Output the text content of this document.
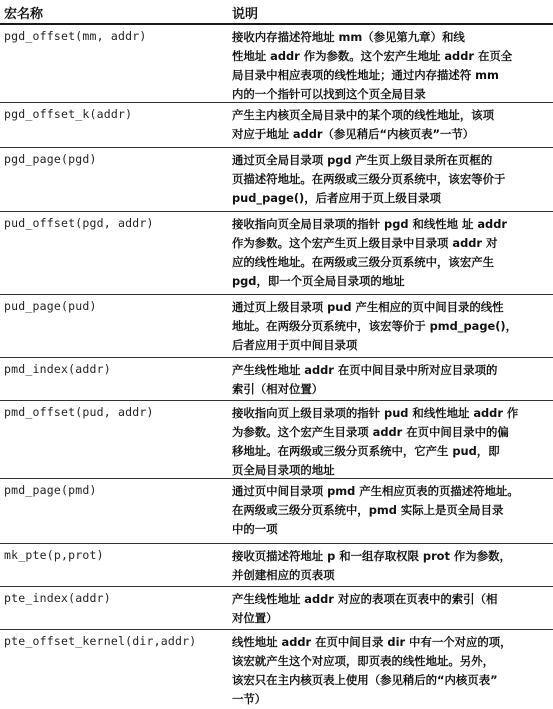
宏名称	说明
pgd_offset(mm, addr)	接收内存描述符地址 mm（参见第九章）和线
性地址 addr 作为参数。这个宏产生地址 addr 在页全
局目录中相应表项的线性地址；通过内存描述符 mm
内的一个指针可以找到这个页全局目录
pgd_offset_k(addr)	产生主内核页全局目录中的某个项的线性地址，该项
对应于地址 addr（参见稍后“内核页表”一节）
pgd_page(pgd)	通过页全局目录项 pgd 产生页上级目录所在页框的
页描述符地址。在两级或三级分页系统中，该宏等价于
pud_page()，后者应用于页上级目录项
pud_offset(pgd, addr)	接收指向页全局目录项的指针 pgd 和线性地 址 addr
作为参数。这个宏产生页上级目录中目录项 addr 对
应的线性地址。在两级或三级分页系统中，该宏产生
pgd，即一个页全局目录项的地址
pud_page(pud)	通过页上级目录项 pud 产生相应的页中间目录的线性
地址。在两级分页系统中，该宏等价于 pmd_page()，
后者应用于页中间目录项
pmd_index(addr)	产生线性地址 addr 在页中间目录中所对应目录项的
索引（相对位置）
pmd_offset(pud, addr)	接收指向页上级目录项的指针 pud 和线性地址 addr 作
为参数。这个宏产生目录项 addr 在页中间目录中的偏
移地址。在两级或三级分页系统中，它产生 pud，即
页全局目录项的地址
pmd_page(pmd)	通过页中间目录项 pmd 产生相应页表的页描述符地址。
在两级或三级分页系统中，pmd 实际上是页全局目录
中的一项
mk_pte(p,prot)	接收页描述符地址 p 和一组存取权限 prot 作为参数，
并创建相应的页表项
pte_index(addr)	产生线性地址 addr 对应的表项在页表中的索引（相
对位置）
pte_offset_kernel(dir,addr)	线性地址 addr 在页中间目录 dir 中有一个对应的项，
该宏就产生这个对应项，即页表的线性地址。另外，
该宏只在主内核页表上使用（参见稍后的“内核页表”
一节）
